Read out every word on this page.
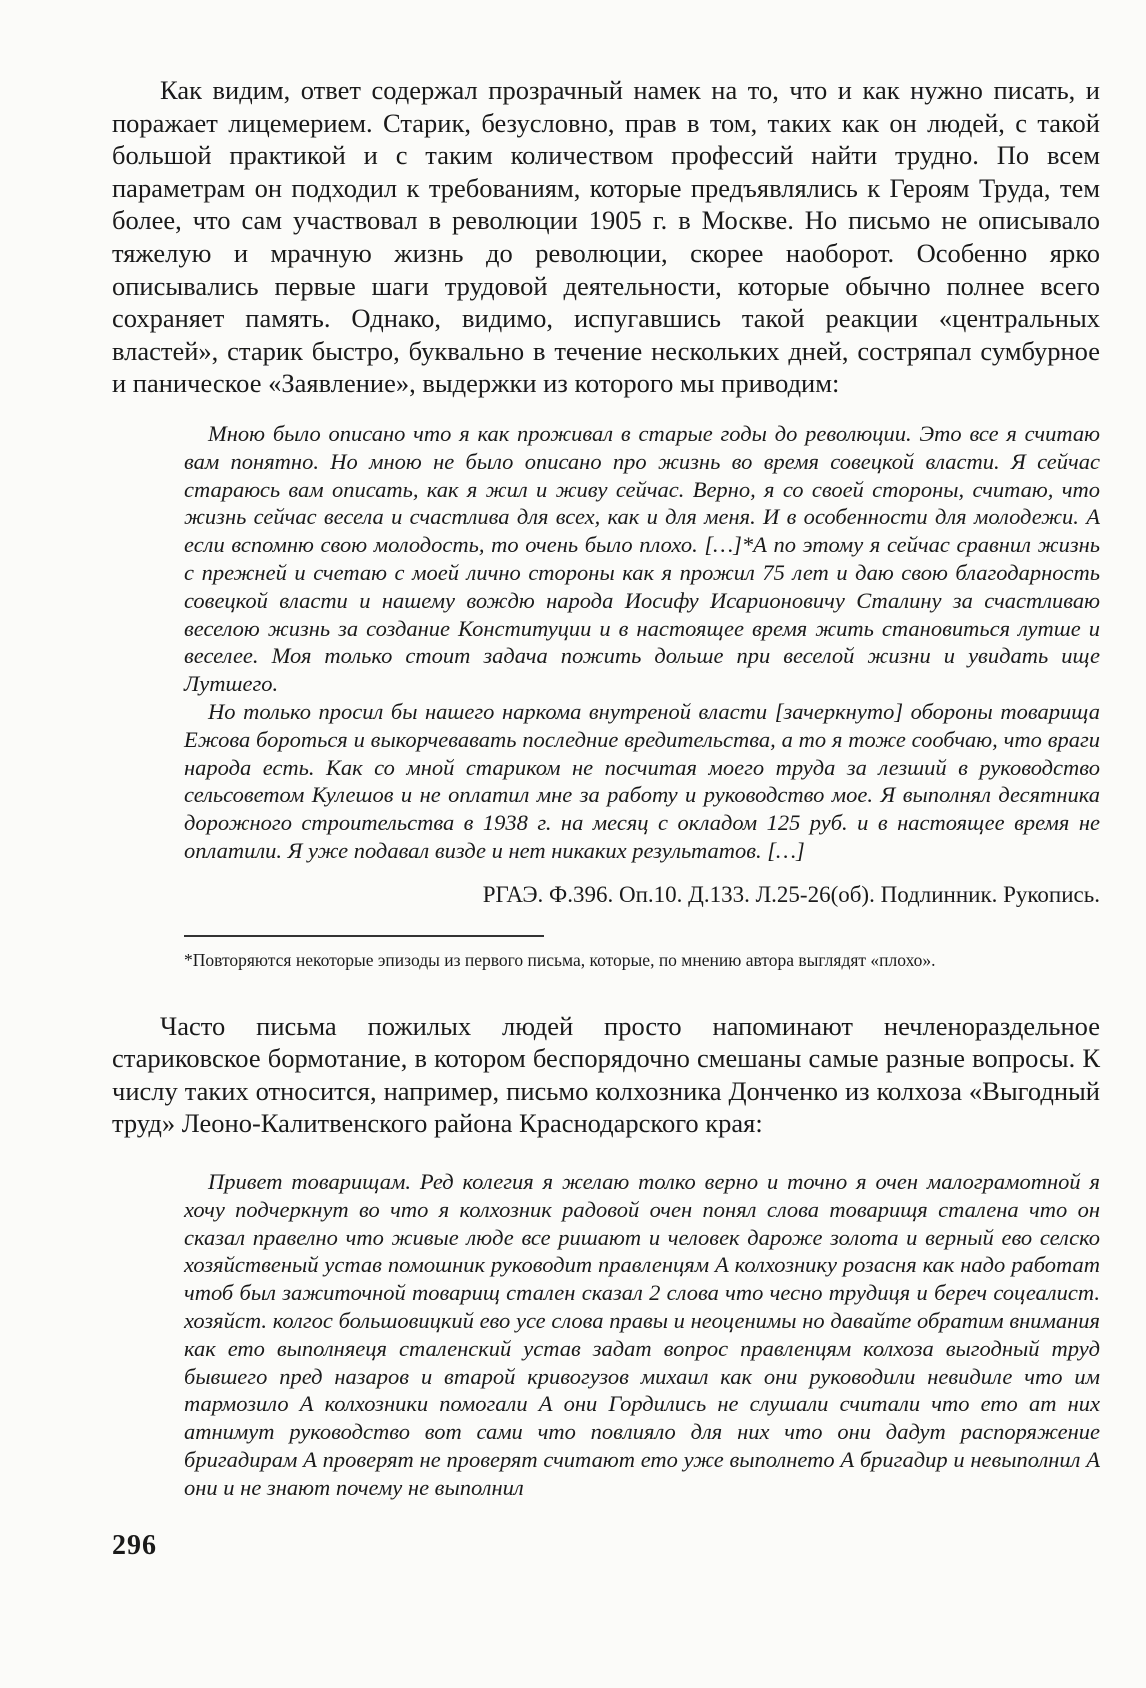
Как видим, ответ содержал прозрачный намек на то, что и как нужно писать, и поражает лицемерием. Старик, безусловно, прав в том, таких как он людей, с такой большой практикой и с таким количеством профессий найти трудно. По всем параметрам он подходил к требованиям, которые предъявлялись к Героям Труда, тем более, что сам участвовал в революции 1905 г. в Москве. Но письмо не описывало тяжелую и мрачную жизнь до революции, скорее наоборот. Особенно ярко описывались первые шаги трудовой деятельности, которые обычно полнее всего сохраняет память. Однако, видимо, испугавшись такой реакции «центральных властей», старик быстро, буквально в течение нескольких дней, состряпал сумбурное и паническое «Заявление», выдержки из которого мы приводим:

Мною было описано что я как проживал в старые годы до революции. Это все я считаю вам понятно. Но мною не было описано про жизнь во время совецкой власти. Я сейчас стараюсь вам описать, как я жил и живу сейчас. Верно, я со своей стороны, считаю, что жизнь сейчас весела и счастлива для всех, как и для меня. И в особенности для молодежи. А если вспомню свою молодость, то очень было плохо. […]*А по этому я сейчас сравнил жизнь с прежней и счетаю с моей лично стороны как я прожил 75 лет и даю свою благодарность совецкой власти и нашему вождю народа Иосифу Исарионовичу Сталину за счастливаю веселою жизнь за создание Конституции и в настоящее время жить становиться лутше и веселее. Моя только стоит задача пожить дольше при веселой жизни и увидать ище Лутшего.

Но только просил бы нашего наркома внутреной власти [зачеркнуто] обороны товарища Ежова бороться и выкорчевавать последние вредительства, а то я тоже сообчаю, что враги народа есть. Как со мной стариком не посчитая моего труда за лезший в руководство сельсоветом Кулешов и не оплатил мне за работу и руководство мое. Я выполнял десятника дорожного строительства в 1938 г. на месяц с окладом 125 руб. и в настоящее время не оплатили. Я уже подавал визде и нет никаких результатов. […]

РГАЭ. Ф.396. Оп.10. Д.133. Л.25-26(об). Подлинник. Рукопись.

*Повторяются некоторые эпизоды из первого письма, которые, по мнению автора выглядят «плохо».

Часто письма пожилых людей просто напоминают нечленораздельное стариковское бормотание, в котором беспорядочно смешаны самые разные вопросы. К числу таких относится, например, письмо колхозника Донченко из колхоза «Выгодный труд» Леоно-Калитвенского района Краснодарского края:

Привет товарищам. Ред колегия я желаю толко верно и точно я очен малограмотной я хочу подчеркнут во что я колхозник радовой очен понял слова товарищя сталена что он сказал правелно что живые люде все ришают и человек дароже золота и верный ево селско хозяйственый устав помошник руководит правленцям А колхознику розасня как надо работат чтоб был зажиточной товарищ стален сказал 2 слова что чесно трудиця и береч соцеалист. хозяйст. колгос большовицкий ево усе слова правы и неоценимы но давайте обратим внимания как ето выполняеця сталенский устав задат вопрос правленцям колхоза выгодный труд бывшего пред назаров и втарой кривогузов михаил как они руководили невидиле что им тармозило А колхозники помогали А они Гордились не слушали считали что ето ат них атнимут руководство вот сами что повлияло для них что они дадут распоряжение бригадирам А проверят не проверят считают ето уже выполнето А бригадир и невыполнил А они и не знают почему не выполнил

296
